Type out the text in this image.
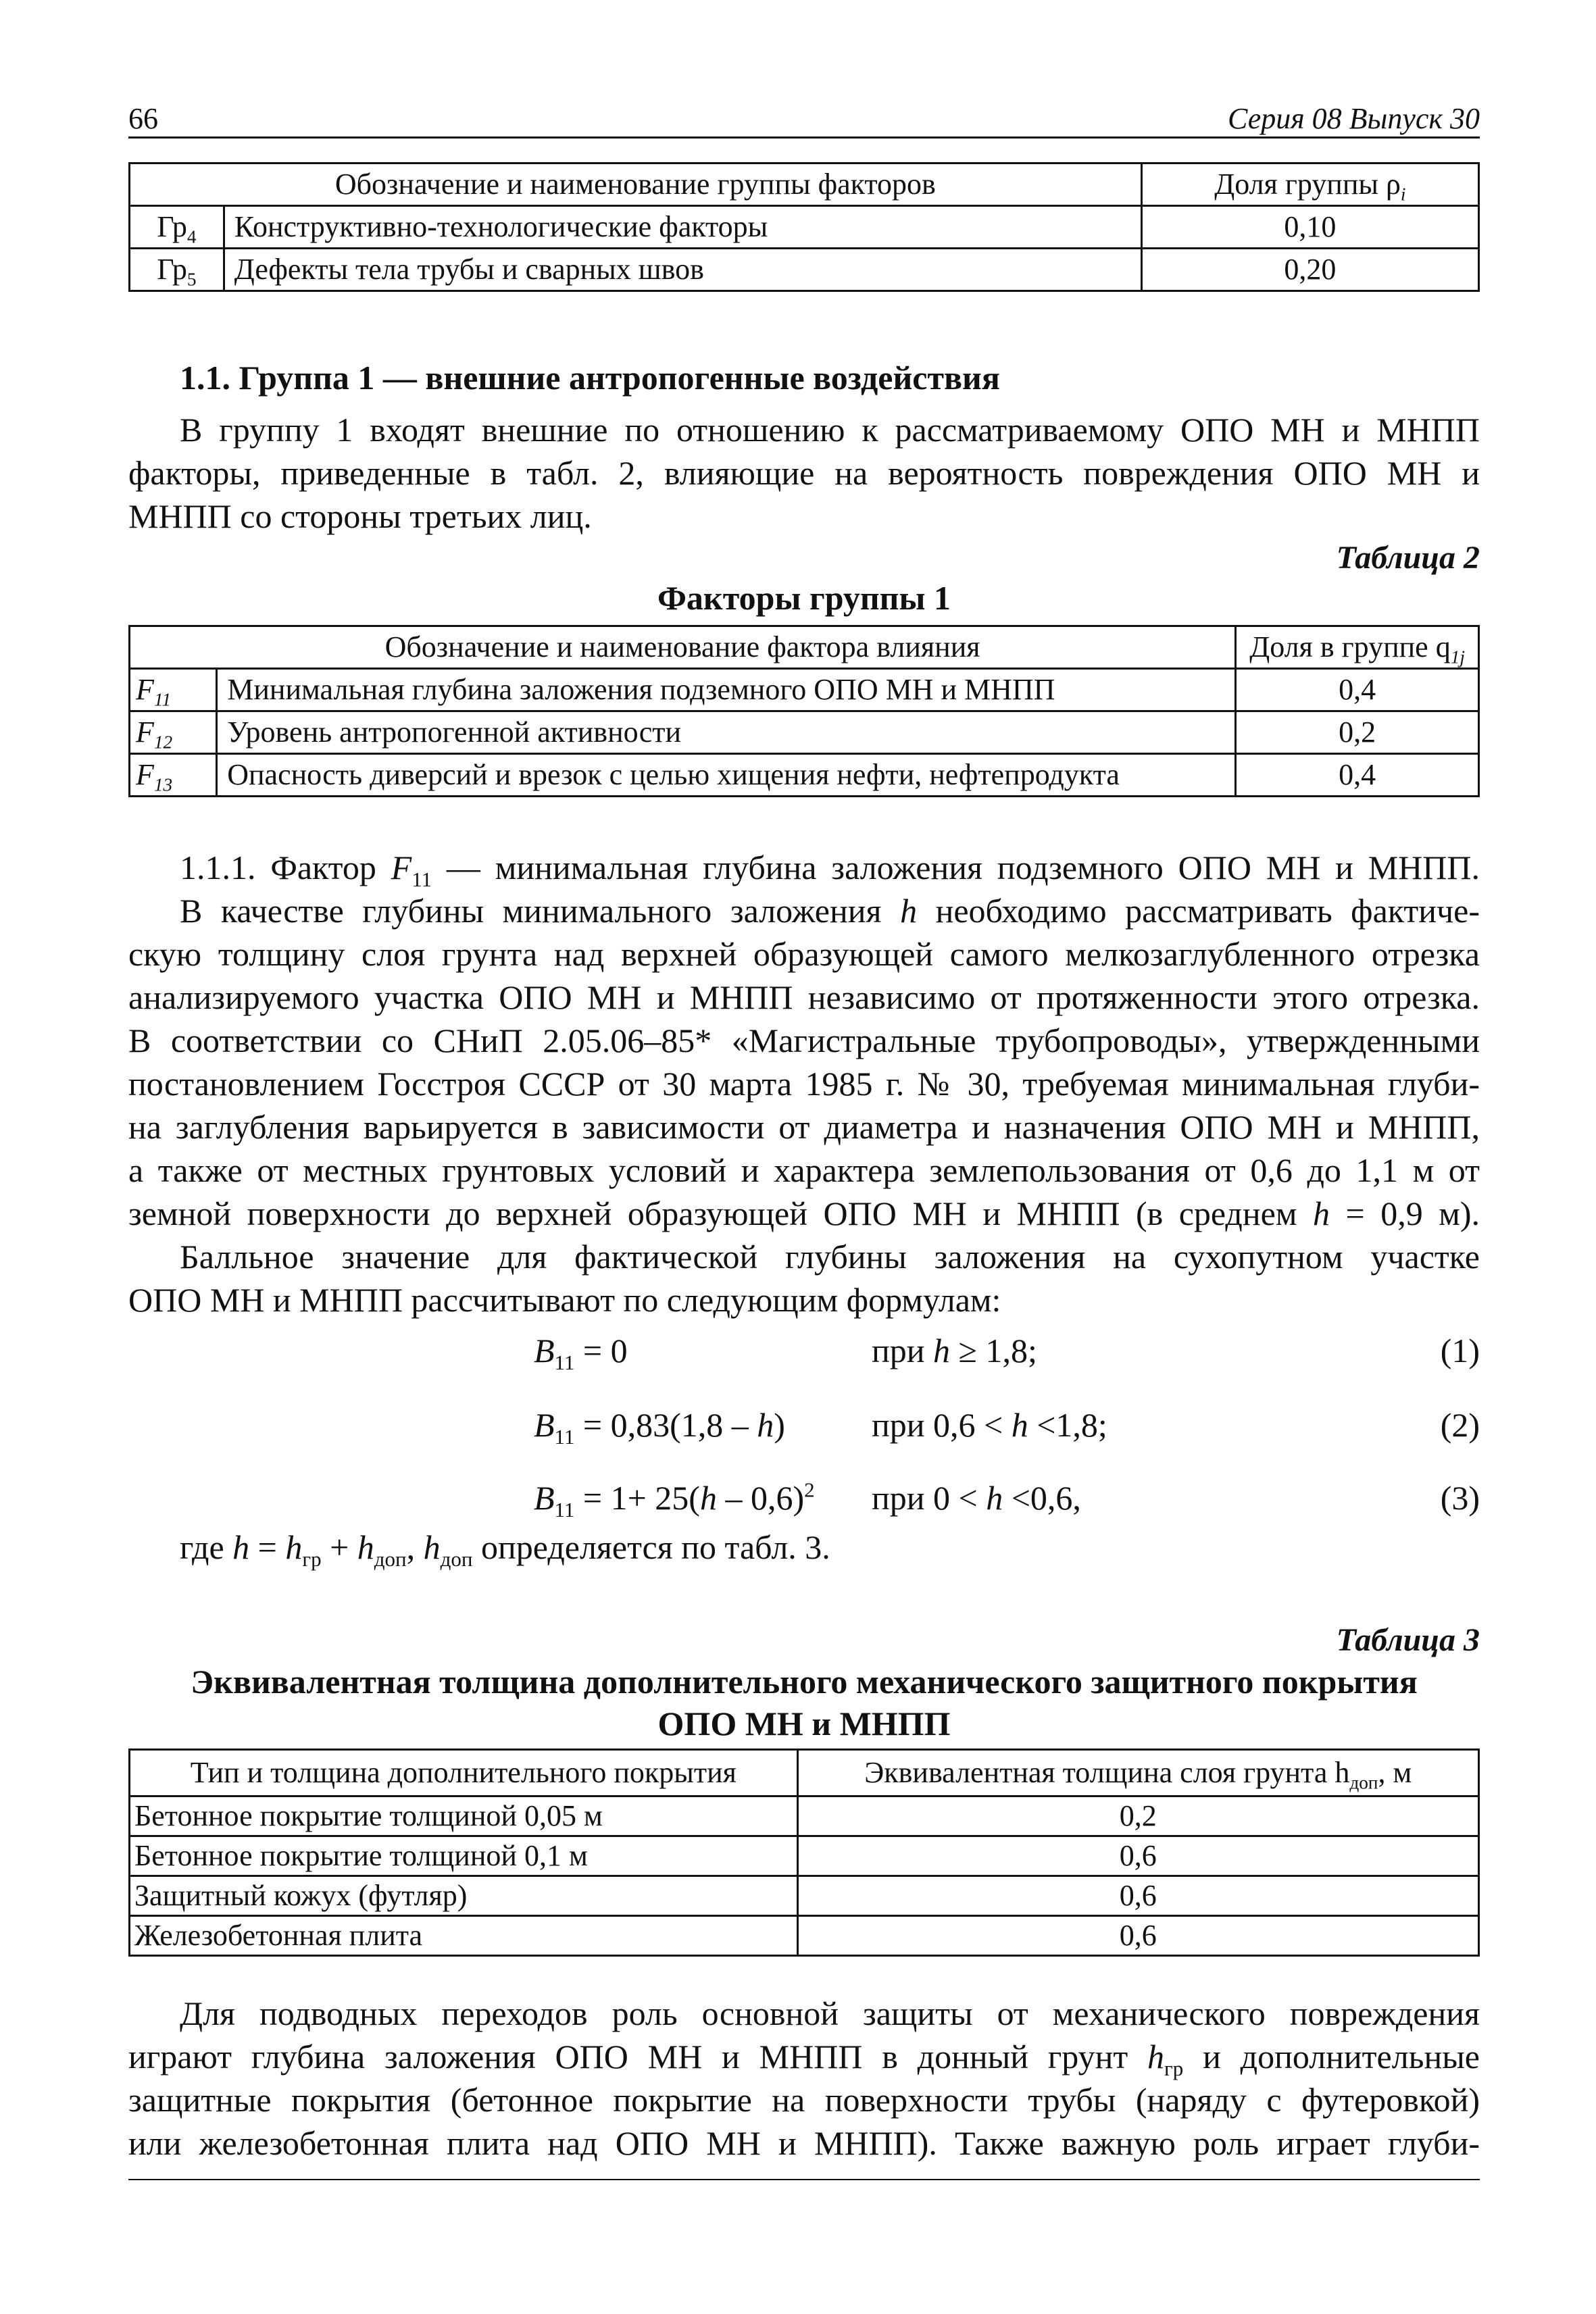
66	Серия 08 Выпуск 30
Обозначение и наименование группы факторов		Доля группы $\rho_i$
$Гр_4$	Конструктивно-технологические факторы	0,10
$Гр_5$	Дефекты тела трубы и сварных швов	0,20
1.1. Группа 1 — внешние антропогенные воздействия
В группу 1 входят внешние по отношению к рассматриваемому ОПО МН и МНПП
факторы, приведенные в табл. 2, влияющие на вероятность повреждения ОПО МН и
МНПП со стороны третьих лиц.
Таблица 2
Факторы группы 1
Обозначение и наименование фактора влияния		Доля в группе $q_{1j}$
$F_{11}$	Минимальная глубина заложения подземного ОПО МН и МНПП	0,4
$F_{12}$	Уровень антропогенной активности	0,2
$F_{13}$	Опасность диверсий и врезок с целью хищения нефти, нефтепродукта	0,4
1.1.1. Фактор $F_{11}$ — минимальная глубина заложения подземного ОПО МН и МНПП.
В качестве глубины минимального заложения h необходимо рассматривать фактиче-
скую толщину слоя грунта над верхней образующей самого мелкозаглубленного отрезка
анализируемого участка ОПО МН и МНПП независимо от протяженности этого отрезка.
В соответствии со СНиП 2.05.06–85* «Магистральные трубопроводы», утвержденными
постановлением Госстроя СССР от 30 марта 1985 г. № 30, требуемая минимальная глуби-
на заглубления варьируется в зависимости от диаметра и назначения ОПО МН и МНПП,
а также от местных грунтовых условий и характера землепользования от 0,6 до 1,1 м от
земной поверхности до верхней образующей ОПО МН и МНПП (в среднем h = 0,9 м).
Балльное значение для фактической глубины заложения на сухопутном участке
ОПО МН и МНПП рассчитывают по следующим формулам:
$B_{11} = 0$	при h ≥ 1,8;	(1)
$B_{11} = 0,83(1,8 - h)$	при 0,6 < h <1,8;	(2)
$B_{11} = 1+ 25(h - 0,6)^2$ при 0 < h <0,6,	(3)
где $h = h_{гр} + h_{доп}$, $h_{доп}$ определяется по табл. 3.
Таблица 3
Эквивалентная толщина дополнительного механического защитного покрытия
ОПО МН и МНПП
Тип и толщина дополнительного покрытия	Эквивалентная толщина слоя грунта $h_{доп}$, м
Бетонное покрытие толщиной 0,05 м	0,2
Бетонное покрытие толщиной 0,1 м	0,6
Защитный кожух (футляр)	0,6
Железобетонная плита	0,6
Для подводных переходов роль основной защиты от механического повреждения
играют глубина заложения ОПО МН и МНПП в донный грунт $h_{гр}$ и дополнительные
защитные покрытия (бетонное покрытие на поверхности трубы (наряду с футеровкой)
или железобетонная плита над ОПО МН и МНПП). Также важную роль играет глуби-
